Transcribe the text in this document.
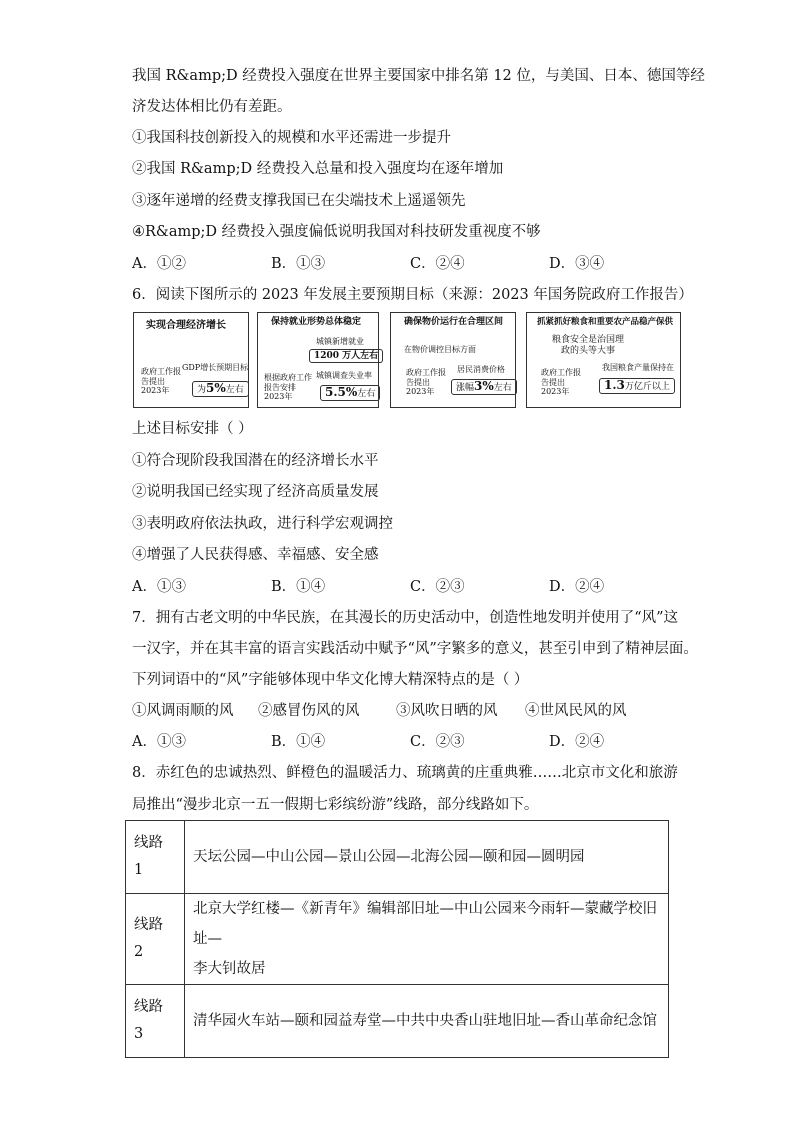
我国 R&amp;D 经费投入强度在世界主要国家中排名第 12 位，与美国、日本、德国等经
济发达体相比仍有差距。
①我国科技创新投入的规模和水平还需进一步提升
②我国 R&amp;D 经费投入总量和投入强度均在逐年增加
③逐年递增的经费支撑我国已在尖端技术上遥遥领先
④R&amp;D 经费投入强度偏低说明我国对科技研发重视度不够
A．①②	B．①③	C．②④	D．③④
6．阅读下图所示的 2023 年发展主要预期目标（来源：2023 年国务院政府工作报告）
实现合理经济增长
政府工作报告提出2023年
GDP增长预期目标
为5%左右
保持就业形势总体稳定
城镇新增就业
1200 万人左右
根据政府工作报告安排2023年
城镇调查失业率
5.5%左右
确保物价运行在合理区间
在物价调控目标方面
政府工作报告提出2023年
居民消费价格
涨幅3%左右
抓紧抓好粮食和重要农产品稳产保供
粮食安全是治国理政的头等大事
政府工作报告提出2023年
我国粮食产量保持在
1.3万亿斤以上
上述目标安排（ ）
①符合现阶段我国潜在的经济增长水平
②说明我国已经实现了经济高质量发展
③表明政府依法执政，进行科学宏观调控
④增强了人民获得感、幸福感、安全感
A．①③	B．①④	C．②③	D．②④
7．拥有古老文明的中华民族，在其漫长的历史活动中，创造性地发明并使用了“风”这
一汉字，并在其丰富的语言实践活动中赋予“风”字繁多的意义，甚至引申到了精神层面。
下列词语中的“风”字能够体现中华文化博大精深特点的是（ ）
①风调雨顺的风 ②感冒伤风的风	③风吹日晒的风 ④世风民风的风
A．①③	B．①④	C．②③	D．②④
8．赤红色的忠诚热烈、鲜橙色的温暖活力、琉璃黄的庄重典雅……北京市文化和旅游
局推出“漫步北京一五一假期七彩缤纷游”线路，部分线路如下。
线路
1	天坛公园—中山公园—景山公园—北海公园—颐和园—圆明园
线路
2	北京大学红楼—《新青年》编辑部旧址—中山公园来今雨轩—蒙藏学校旧址—
李大钊故居
线路
3	清华园火车站—颐和园益寿堂—中共中央香山驻地旧址—香山革命纪念馆
